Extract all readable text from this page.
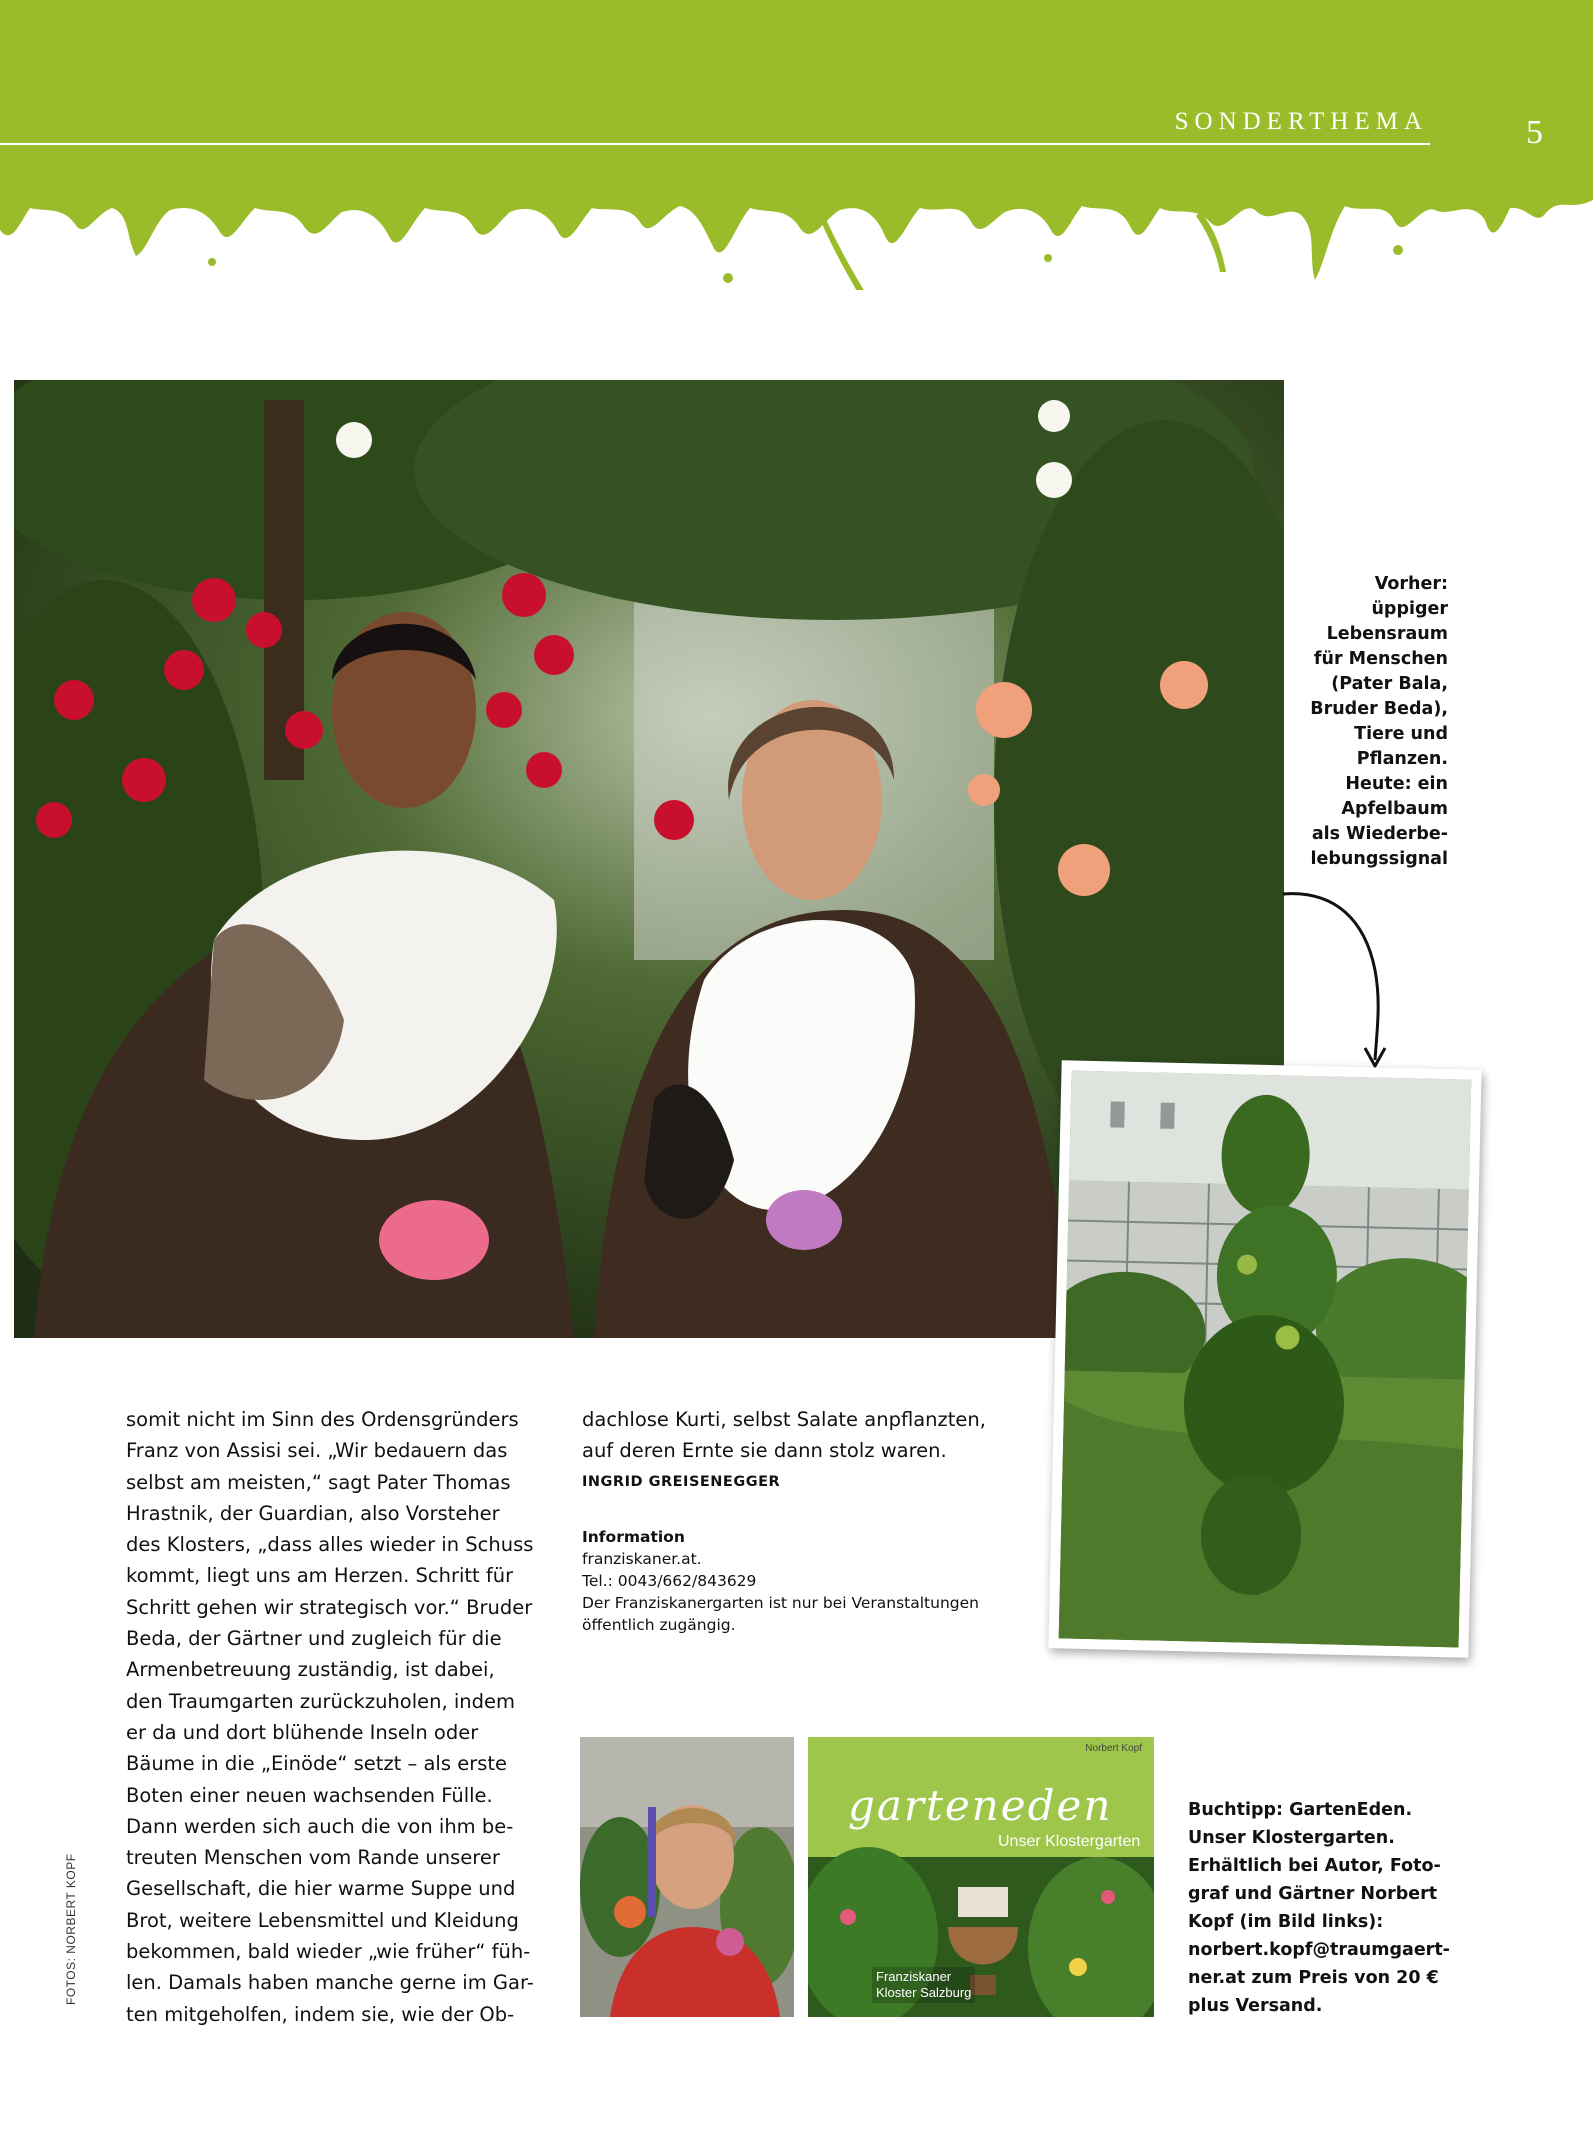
SONDERTHEMA	5
Vorher:
üppiger
Lebensraum
für Menschen
(Pater Bala,
Bruder Beda),
Tiere und
Pflanzen.
Heute: ein
Apfelbaum
als Wiederbe-
lebungssignal

somit nicht im Sinn des Ordensgründers

Franz von Assisi sei. „Wir bedauern das

selbst am meisten,“ sagt Pater Thomas

Hrastnik, der Guardian, also Vorsteher

des Klosters, „dass alles wieder in Schuss

kommt, liegt uns am Herzen. Schritt für

Schritt gehen wir strategisch vor.“ Bruder

Beda, der Gärtner und zugleich für die

Armenbetreuung zuständig, ist dabei,

den Traumgarten zurückzuholen, indem

er da und dort blühende Inseln oder

Bäume in die „Einöde“ setzt – als erste

Boten einer neuen wachsenden Fülle.

Dann werden sich auch die von ihm be-

treuten Menschen vom Rande unserer

Gesellschaft, die hier warme Suppe und

Brot, weitere Lebensmittel und Kleidung

bekommen, bald wieder „wie früher“ füh-

len. Damals haben manche gerne im Gar-

ten mitgeholfen, indem sie, wie der Ob-

dachlose Kurti, selbst Salate anpflanzten,

auf deren Ernte sie dann stolz waren.

INGRID GREISENEGGER

Information
franziskaner.at.
Tel.: 0043/662/843629
Der Franziskanergarten ist nur bei Veranstaltungen
öffentlich zugängig.
Norbert Kopf
garteneden
Unser Klostergarten
Franziskaner
Kloster Salzburg
Buchtipp: GartenEden.
Unser Klostergarten.
Erhältlich bei Autor, Foto-
graf und Gärtner Norbert
Kopf (im Bild links):
norbert.kopf@traumgaert-
ner.at zum Preis von 20 €
plus Versand.
FOTOS: NORBERT KOPF
